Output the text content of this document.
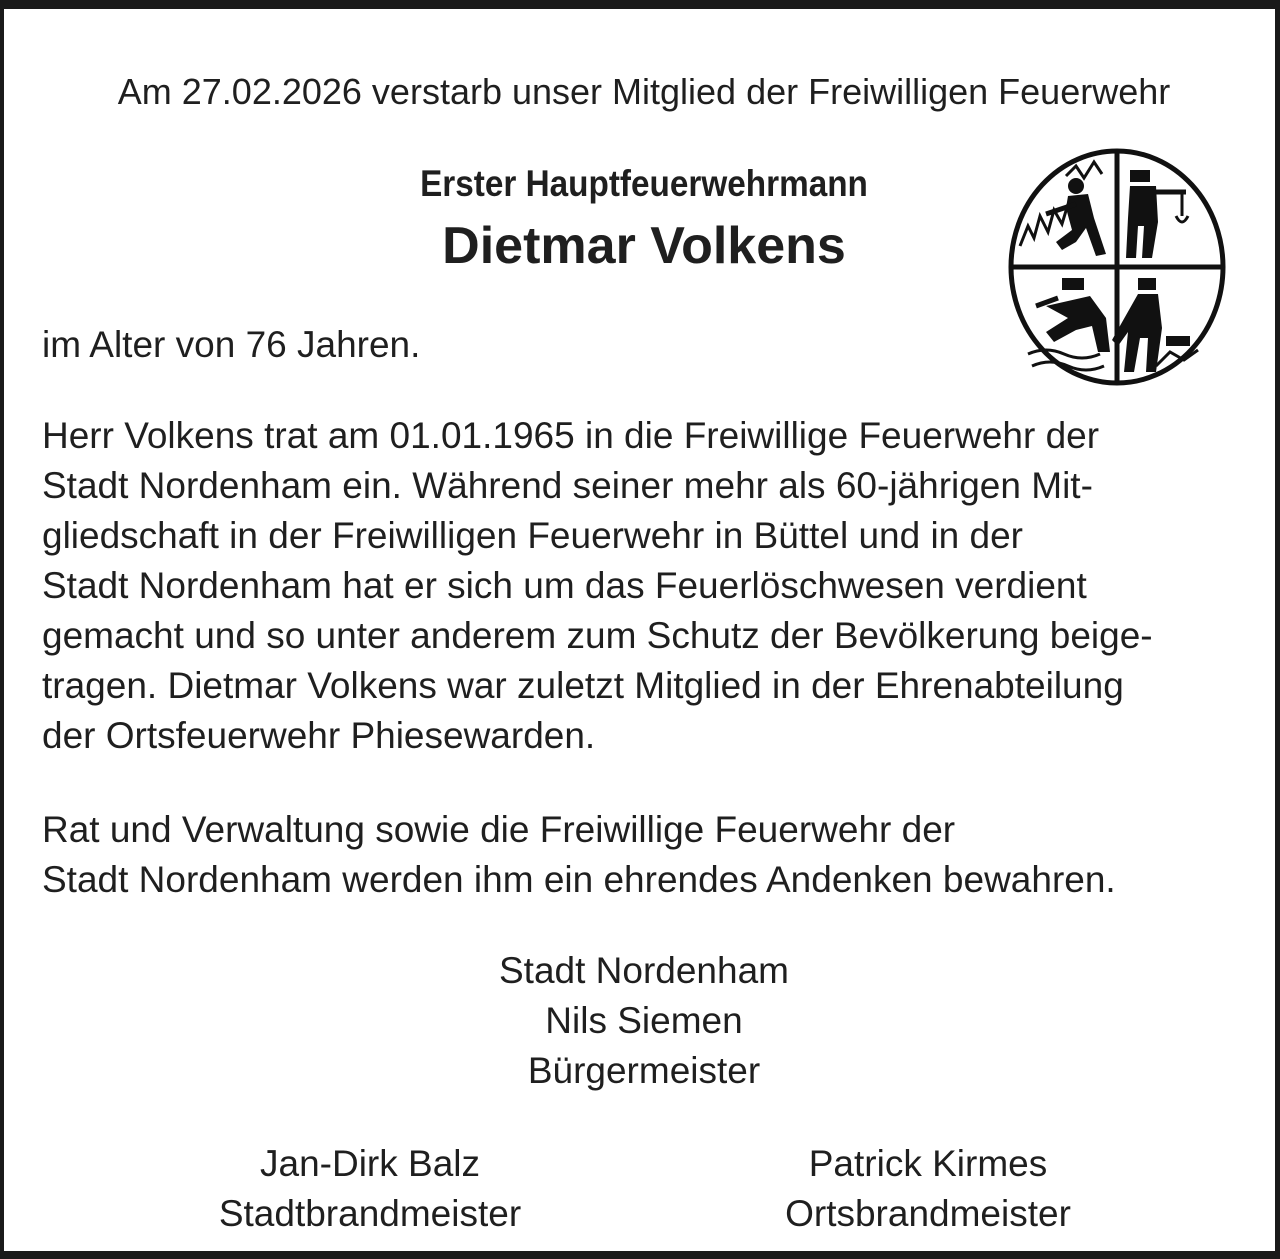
Am 27.02.2026 verstarb unser Mitglied der Freiwilligen Feuerwehr

Erster Hauptfeuerwehrmann

Dietmar Volkens

im Alter von 76 Jahren.

Herr Volkens trat am 01.01.1965 in die Freiwillige Feuerwehr der

Stadt Nordenham ein. Während seiner mehr als 60-jährigen Mit-

gliedschaft in der Freiwilligen Feuerwehr in Büttel und in der

Stadt Nordenham hat er sich um das Feuerlöschwesen verdient

gemacht und so unter anderem zum Schutz der Bevölkerung beige-

tragen. Dietmar Volkens war zuletzt Mitglied in der Ehrenabteilung

der Ortsfeuerwehr Phiesewarden.

Rat und Verwaltung sowie die Freiwillige Feuerwehr der

Stadt Nordenham werden ihm ein ehrendes Andenken bewahren.

Stadt Nordenham

Nils Siemen

Bürgermeister

Jan-Dirk Balz

Stadtbrandmeister

Patrick Kirmes

Ortsbrandmeister
